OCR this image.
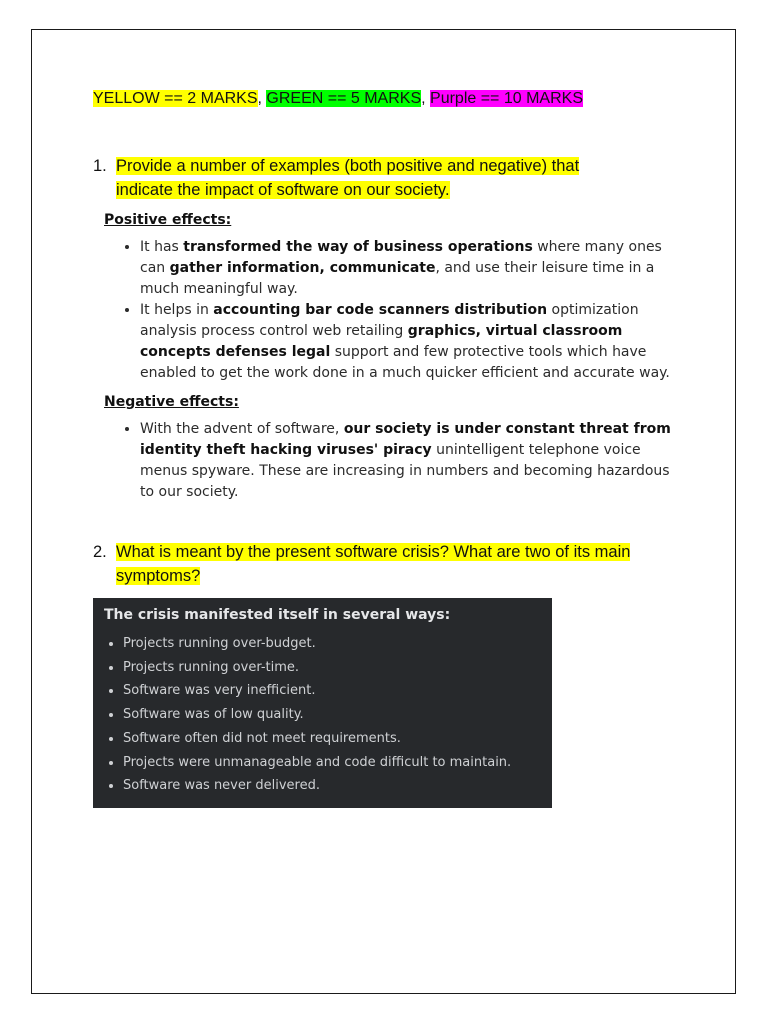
YELLOW == 2 MARKS, GREEN == 5 MARKS, Purple == 10 MARKS
1. Provide a number of examples (both positive and negative) that
indicate the impact of software on our society.

Positive effects:

• It has transformed the way of business operations where many ones can gather information, communicate, and use their leisure time in a much meaningful way.
• It helps in accounting bar code scanners distribution optimization analysis process control web retailing graphics, virtual classroom concepts defenses legal support and few protective tools which have enabled to get the work done in a much quicker efficient and accurate way.

Negative effects:

• With the advent of software, our society is under constant threat from identity theft hacking viruses' piracy unintelligent telephone voice menus spyware. These are increasing in numbers and becoming hazardous to our society.
2. What is meant by the present software crisis? What are two of its main
symptoms?

The crisis manifested itself in several ways:

• Projects running over-budget.
• Projects running over-time.
• Software was very inefficient.
• Software was of low quality.
• Software often did not meet requirements.
• Projects were unmanageable and code difficult to maintain.
• Software was never delivered.
